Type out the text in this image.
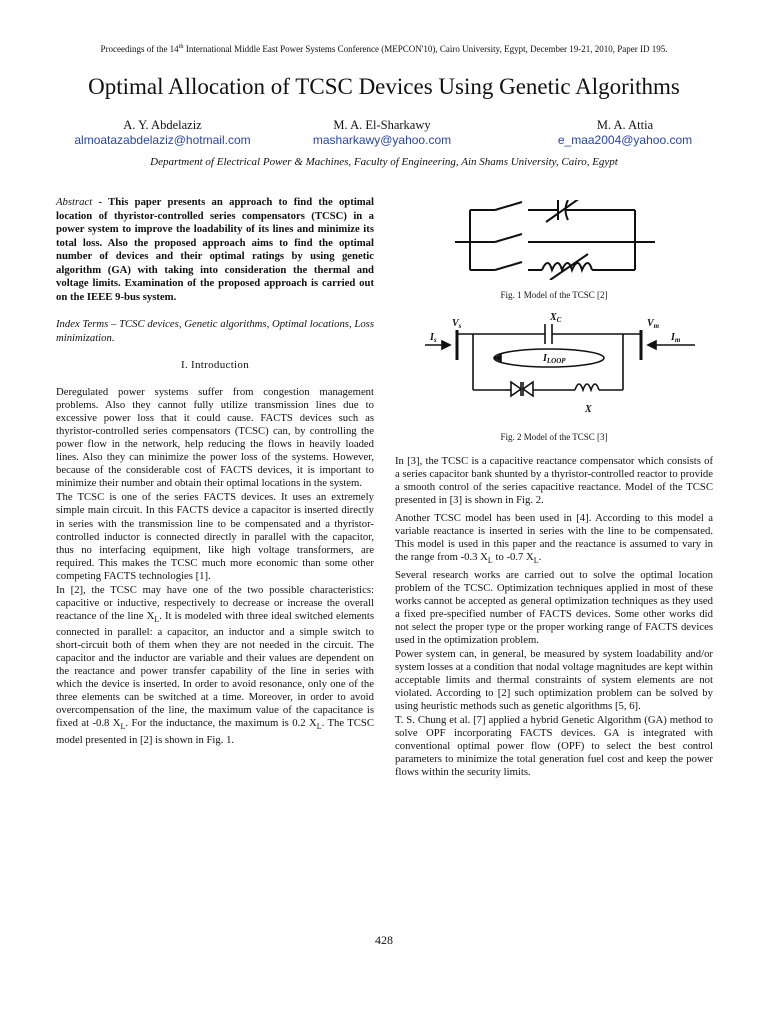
Proceedings of the 14th International Middle East Power Systems Conference (MEPCON'10), Cairo University, Egypt, December 19-21, 2010, Paper ID 195.
Optimal Allocation of TCSC Devices Using Genetic Algorithms
A. Y. Abdelaziz
almoatazabdelaziz@hotmail.com
M. A. El-Sharkawy
masharkawy@yahoo.com
M. A. Attia
e_maa2004@yahoo.com
Department of Electrical Power & Machines, Faculty of Engineering, Ain Shams University, Cairo, Egypt

Abstract - This paper presents an approach to find the optimal location of thyristor-controlled series compensators (TCSC) in a power system to improve the loadability of its lines and minimize its total loss. Also the proposed approach aims to find the optimal number of devices and their optimal ratings by using genetic algorithm (GA) with taking into consideration the thermal and voltage limits. Examination of the proposed approach is carried out on the IEEE 9-bus system.

Index Terms – TCSC devices, Genetic algorithms, Optimal locations, Loss minimization.

I. Introduction

Deregulated power systems suffer from congestion management problems. Also they cannot fully utilize transmission lines due to excessive power loss that it could cause. FACTS devices such as thyristor-controlled series compensators (TCSC) can, by controlling the power flow in the network, help reducing the flows in heavily loaded lines. Also they can minimize the power loss of the systems. However, because of the considerable cost of FACTS devices, it is important to minimize their number and obtain their optimal locations in the system.

The TCSC is one of the series FACTS devices. It uses an extremely simple main circuit. In this FACTS device a capacitor is inserted directly in series with the transmission line to be compensated and a thyristor-controlled inductor is connected directly in parallel with the capacitor, thus no interfacing equipment, like high voltage transformers, are required. This makes the TCSC much more economic than some other competing FACTS technologies [1].

In [2], the TCSC may have one of the two possible characteristics: capacitive or inductive, respectively to decrease or increase the overall reactance of the line $X_L$. It is modeled with three ideal switched elements connected in parallel: a capacitor, an inductor and a simple switch to short-circuit both of them when they are not needed in the circuit. The capacitor and the inductor are variable and their values are dependent on the reactance and power transfer capability of the line in series with which the device is inserted. In order to avoid resonance, only one of the three elements can be switched at a time. Moreover, in order to avoid overcompensation of the line, the maximum value of the capacitance is fixed at -0.8 $X_L$. For the inductance, the maximum is 0.2 $X_L$. The TCSC model presented in [2] is shown in Fig. 1.

Fig. 1 Model of the TCSC [2]
$V_s$
$I_s$
$X_C$	$V_m$
$I_m$
$I_{LOOP}$
X
Fig. 2 Model of the TCSC [3]

In [3], the TCSC is a capacitive reactance compensator which consists of a series capacitor bank shunted by a thyristor-controlled reactor to provide a smooth control of the series capacitive reactance. Model of the TCSC presented in [3] is shown in Fig. 2.

Another TCSC model has been used in [4]. According to this model a variable reactance is inserted in series with the line to be compensated. This model is used in this paper and the reactance is assumed to vary in the range from -0.3 $X_L$ to -0.7 $X_L$.

Several research works are carried out to solve the optimal location problem of the TCSC. Optimization techniques applied in most of these works cannot be accepted as general optimization techniques as they used a fixed pre-specified number of FACTS devices. Some other works did not select the proper type or the proper working range of FACTS devices used in the optimization problem.

Power system can, in general, be measured by system loadability and/or system losses at a condition that nodal voltage magnitudes are kept within acceptable limits and thermal constraints of system elements are not violated. According to [2] such optimization problem can be solved by using heuristic methods such as genetic algorithms [5, 6].

T. S. Chung et al. [7] applied a hybrid Genetic Algorithm (GA) method to solve OPF incorporating FACTS devices. GA is integrated with conventional optimal power flow (OPF) to select the best control parameters to minimize the total generation fuel cost and keep the power flows within the security limits.

428
